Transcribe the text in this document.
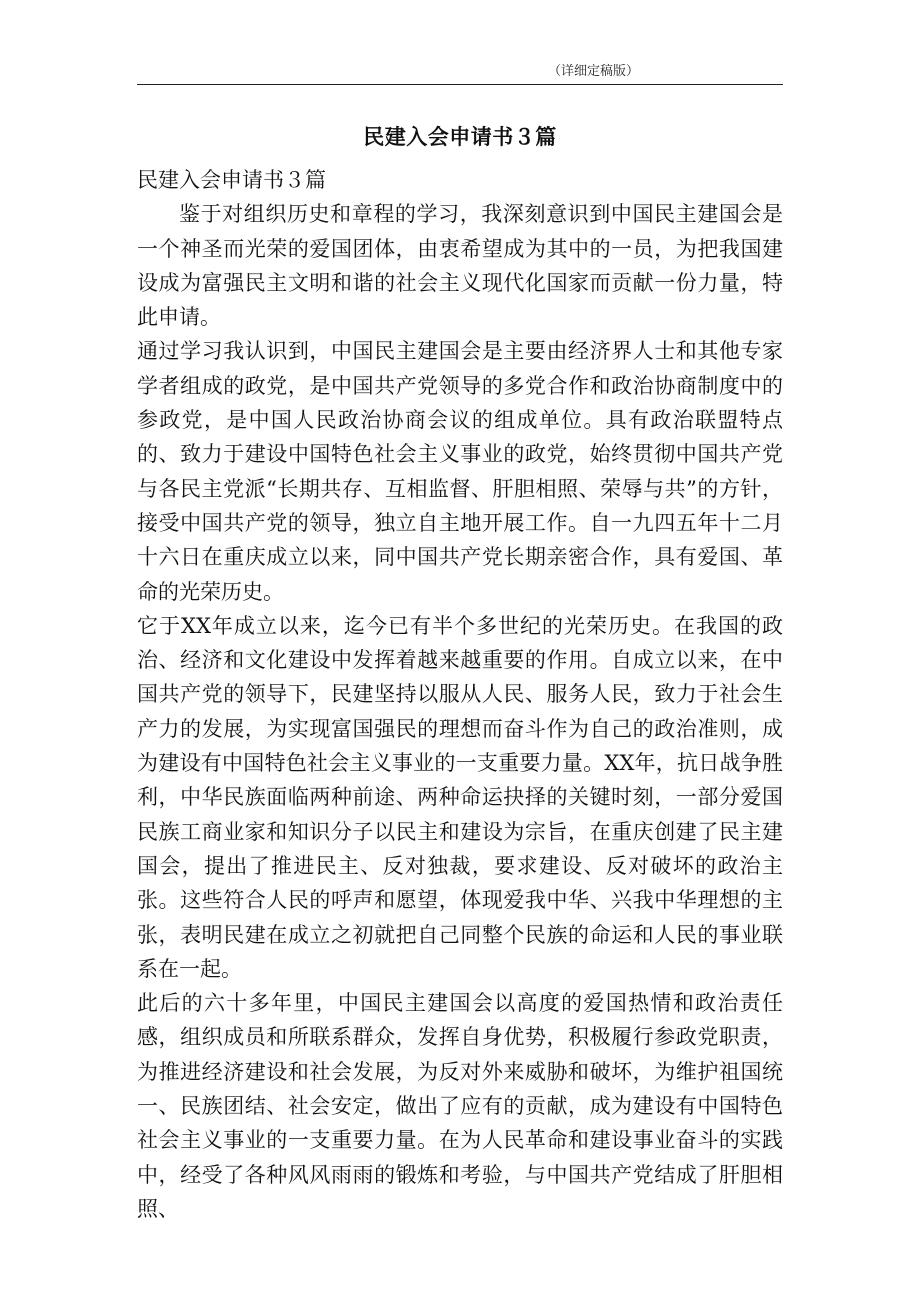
（详细定稿版）
民建入会申请书３篇

民建入会申请书３篇

鉴于对组织历史和章程的学习，我深刻意识到中国民主建国会是一个神圣而光荣的爱国团体，由衷希望成为其中的一员，为把我国建设成为富强民主文明和谐的社会主义现代化国家而贡献一份力量，特此申请。

通过学习我认识到，中国民主建国会是主要由经济界人士和其他专家学者组成的政党，是中国共产党领导的多党合作和政治协商制度中的参政党，是中国人民政治协商会议的组成单位。具有政治联盟特点的、致力于建设中国特色社会主义事业的政党，始终贯彻中国共产党与各民主党派“长期共存、互相监督、肝胆相照、荣辱与共”的方针，接受中国共产党的领导，独立自主地开展工作。自一九四五年十二月十六日在重庆成立以来，同中国共产党长期亲密合作，具有爱国、革命的光荣历史。

它于XX年成立以来，迄今已有半个多世纪的光荣历史。在我国的政治、经济和文化建设中发挥着越来越重要的作用。自成立以来，在中国共产党的领导下，民建坚持以服从人民、服务人民，致力于社会生产力的发展，为实现富国强民的理想而奋斗作为自己的政治准则，成为建设有中国特色社会主义事业的一支重要力量。XX年，抗日战争胜利，中华民族面临两种前途、两种命运抉择的关键时刻，一部分爱国民族工商业家和知识分子以民主和建设为宗旨，在重庆创建了民主建国会，提出了推进民主、反对独裁，要求建设、反对破坏的政治主张。这些符合人民的呼声和愿望，体现爱我中华、兴我中华理想的主张，表明民建在成立之初就把自己同整个民族的命运和人民的事业联系在一起。

此后的六十多年里，中国民主建国会以高度的爱国热情和政治责任感，组织成员和所联系群众，发挥自身优势，积极履行参政党职责，为推进经济建设和社会发展，为反对外来威胁和破坏，为维护祖国统一、民族团结、社会安定，做出了应有的贡献，成为建设有中国特色社会主义事业的一支重要力量。在为人民革命和建设事业奋斗的实践中，经受了各种风风雨雨的锻炼和考验，与中国共产党结成了肝胆相照、
